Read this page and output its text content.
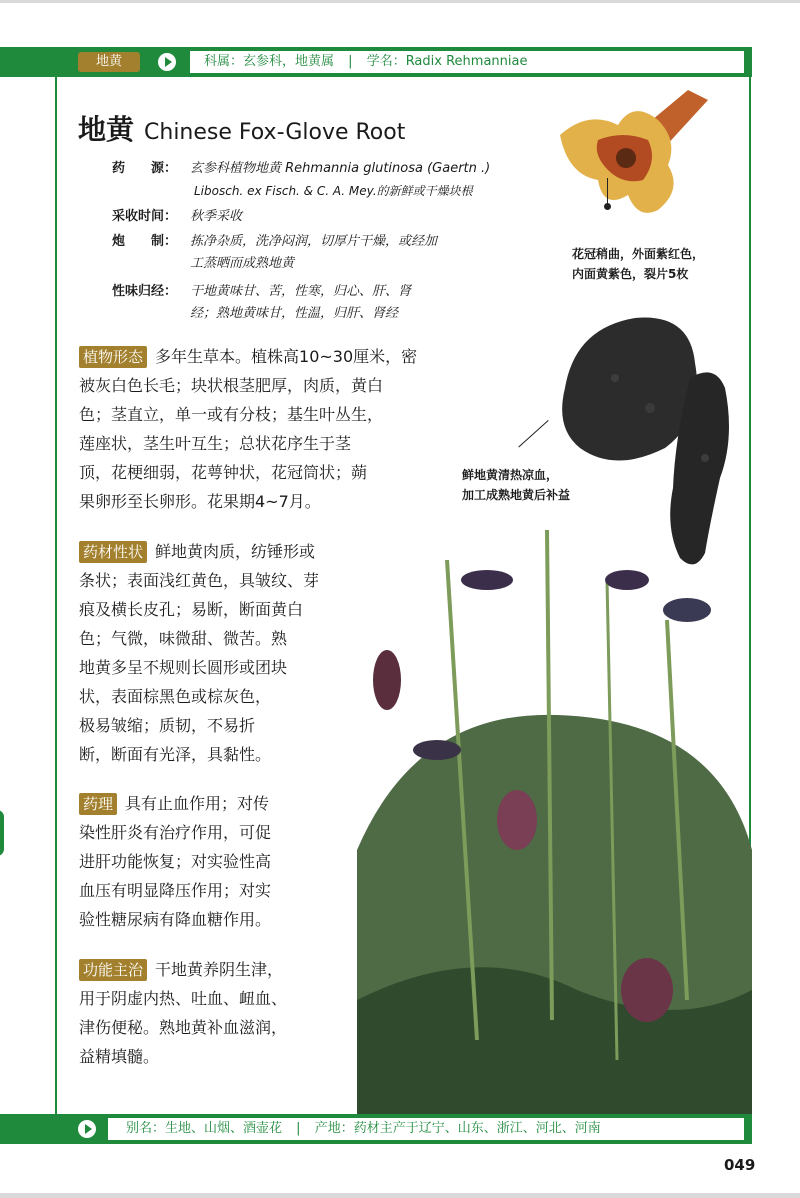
地黄	科属：玄参科，地黄属 | 学名：Radix Rehmanniae
地黄 Chinese Fox-Glove Root
药　　源： 玄参科植物地黄 Rehmannia glutinosa (Gaertn .)
Libosch. ex Fisch. & C. A. Mey.的新鲜或干燥块根
采收时间： 秋季采收
炮　　制： 拣净杂质，洗净闷润，切厚片干燥，或经加
工蒸晒而成熟地黄
性味归经： 干地黄味甘、苦，性寒，归心、肝、肾
经；熟地黄味甘，性温，归肝、肾经
花冠稍曲，外面紫红色，
内面黄紫色，裂片5枚
鲜地黄清热凉血，
加工成熟地黄后补益
植物形态 多年生草本。植株高10~30厘米，密
被灰白色长毛；块状根茎肥厚，肉质，黄白
色；茎直立，单一或有分枝；基生叶丛生，
莲座状，茎生叶互生；总状花序生于茎
顶，花梗细弱，花萼钟状，花冠筒状；蒴
果卵形至长卵形。花果期4~7月。
药材性状 鲜地黄肉质，纺锤形或
条状；表面浅红黄色，具皱纹、芽
痕及横长皮孔；易断，断面黄白
色；气微，味微甜、微苦。熟
地黄多呈不规则长圆形或团块
状，表面棕黑色或棕灰色，
极易皱缩；质韧，不易折
断，断面有光泽，具黏性。
药理 具有止血作用；对传
染性肝炎有治疗作用，可促
进肝功能恢复；对实验性高
血压有明显降压作用；对实
验性糖尿病有降血糖作用。
功能主治 干地黄养阴生津，
用于阴虚内热、吐血、衄血、
津伤便秘。熟地黄补血滋润，
益精填髓。
别名：生地、山烟、酒壶花 | 产地：药材主产于辽宁、山东、浙江、河北、河南
049
